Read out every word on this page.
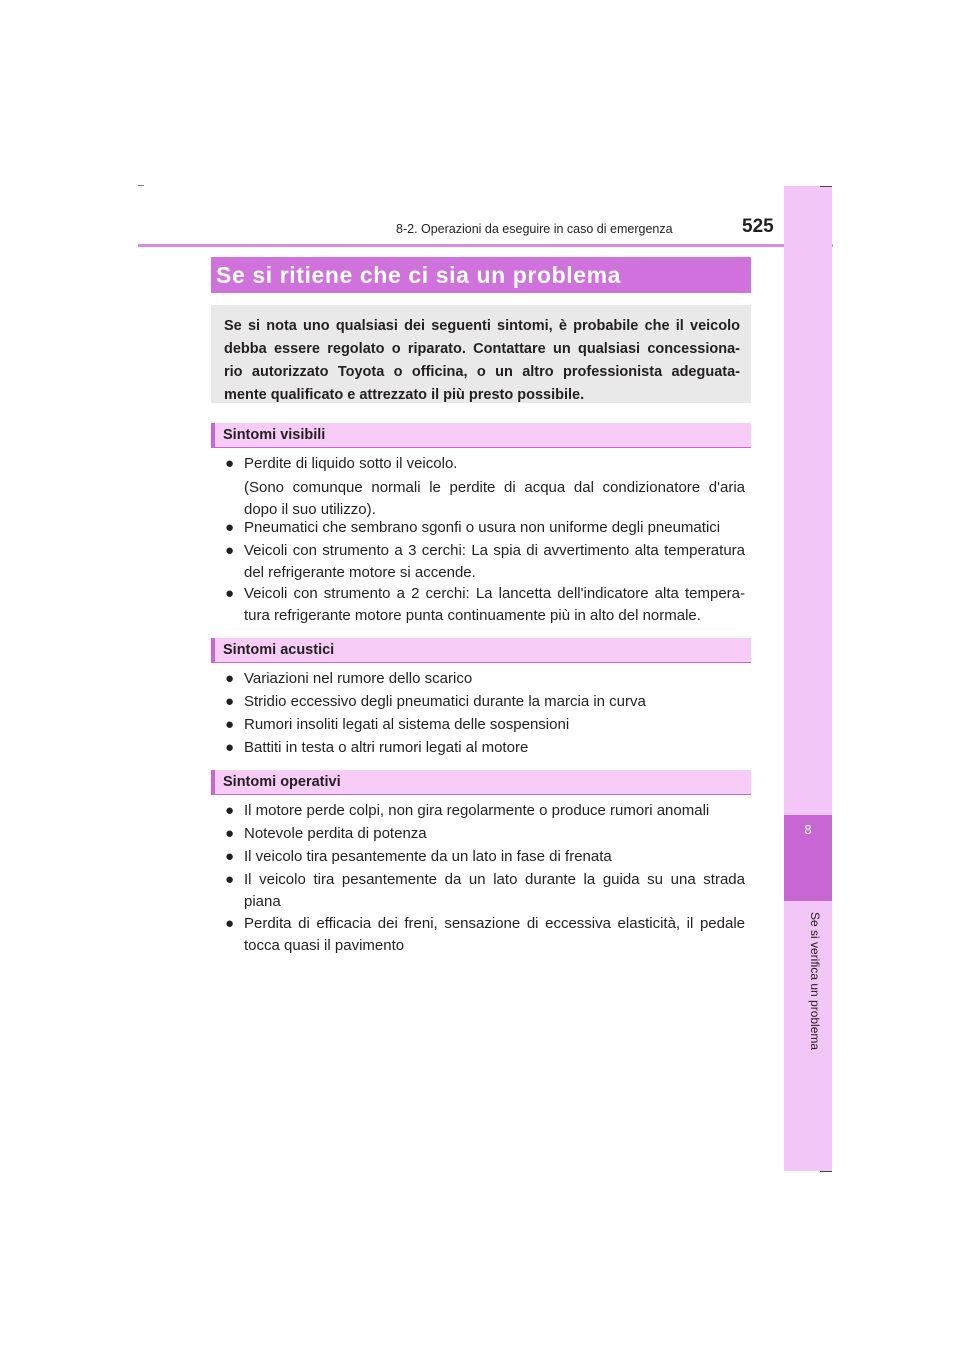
8-2. Operazioni da eseguire in caso di emergenza	525
8
Se si verifica un problema
Se si ritiene che ci sia un problema
Se si nota uno qualsiasi dei seguenti sintomi, è probabile che il veicolo
debba essere regolato o riparato. Contattare un qualsiasi concessiona-
rio autorizzato Toyota o officina, o un altro professionista adeguata-
mente qualificato e attrezzato il più presto possibile.
Sintomi visibili
● Perdite di liquido sotto il veicolo.
(Sono comunque normali le perdite di acqua dal condizionatore d'aria
dopo il suo utilizzo).
● Pneumatici che sembrano sgonfi o usura non uniforme degli pneumatici
● Veicoli con strumento a 3 cerchi: La spia di avvertimento alta temperatura
del refrigerante motore si accende.
● Veicoli con strumento a 2 cerchi: La lancetta dell'indicatore alta tempera-
tura refrigerante motore punta continuamente più in alto del normale.
Sintomi acustici
● Variazioni nel rumore dello scarico
● Stridio eccessivo degli pneumatici durante la marcia in curva
● Rumori insoliti legati al sistema delle sospensioni
● Battiti in testa o altri rumori legati al motore
Sintomi operativi
● Il motore perde colpi, non gira regolarmente o produce rumori anomali
● Notevole perdita di potenza
● Il veicolo tira pesantemente da un lato in fase di frenata
● Il veicolo tira pesantemente da un lato durante la guida su una strada
piana
● Perdita di efficacia dei freni, sensazione di eccessiva elasticità, il pedale
tocca quasi il pavimento
